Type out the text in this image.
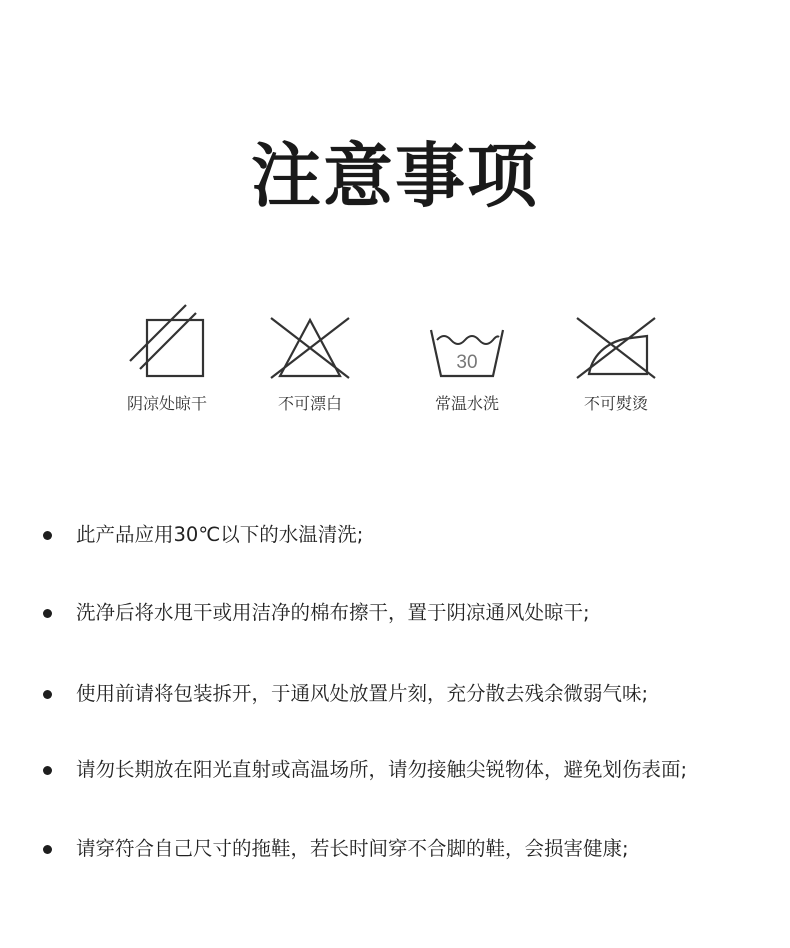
注意事项
阴凉处晾干	不可漂白
30
常温水洗	不可熨烫
此产品应用30℃以下的水温清洗;
洗净后将水甩干或用洁净的棉布擦干，置于阴凉通风处晾干;
使用前请将包装拆开，于通风处放置片刻，充分散去残余微弱气味;
请勿长期放在阳光直射或高温场所，请勿接触尖锐物体，避免划伤表面;
请穿符合自己尺寸的拖鞋，若长时间穿不合脚的鞋，会损害健康;
